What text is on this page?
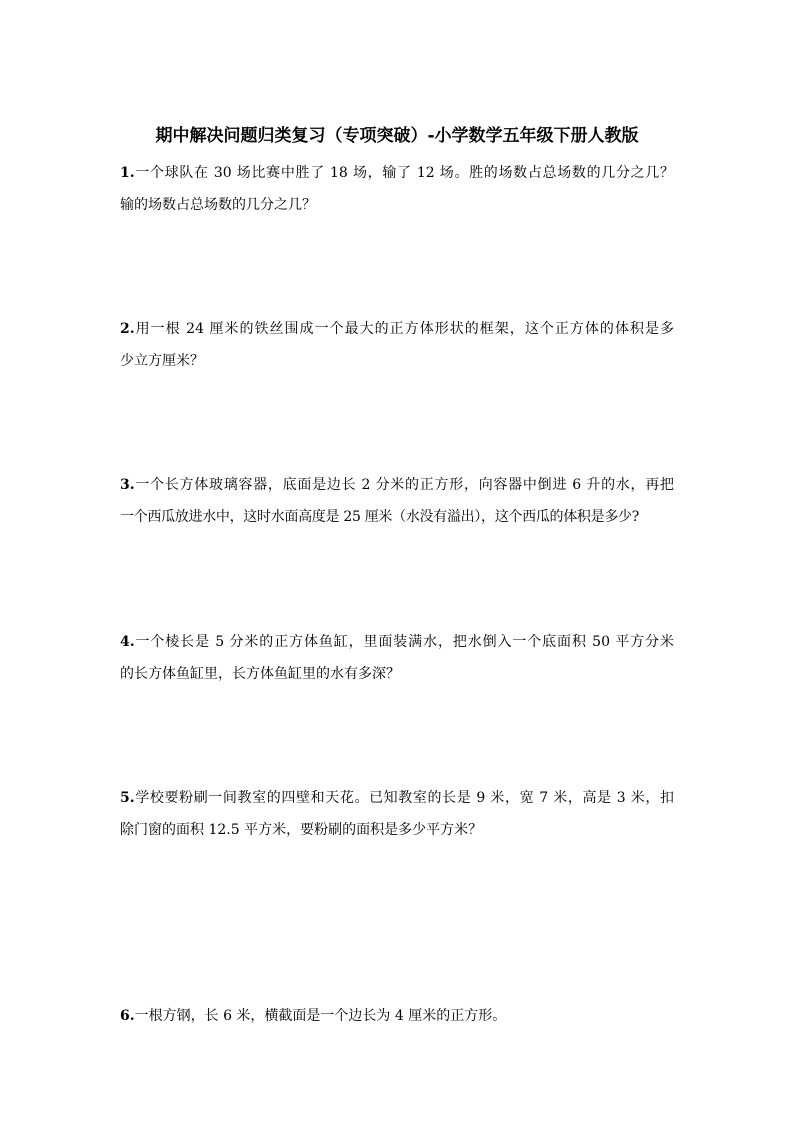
期中解决问题归类复习（专项突破）-小学数学五年级下册人教版
1.一个球队在 30 场比赛中胜了 18 场，输了 12 场。胜的场数占总场数的几分之几？
输的场数占总场数的几分之几？
2.用一根 24 厘米的铁丝围成一个最大的正方体形状的框架，这个正方体的体积是多
少立方厘米？
3.一个长方体玻璃容器，底面是边长 2 分米的正方形，向容器中倒进 6 升的水，再把
一个西瓜放进水中，这时水面高度是 25 厘米（水没有溢出），这个西瓜的体积是多少?
4.一个棱长是 5 分米的正方体鱼缸，里面装满水，把水倒入一个底面积 50 平方分米
的长方体鱼缸里，长方体鱼缸里的水有多深？
5.学校要粉刷一间教室的四壁和天花。已知教室的长是 9 米，宽 7 米，高是 3 米，扣
除门窗的面积 12.5 平方米，要粉刷的面积是多少平方米？
6.一根方钢，长 6 米，横截面是一个边长为 4 厘米的正方形。
